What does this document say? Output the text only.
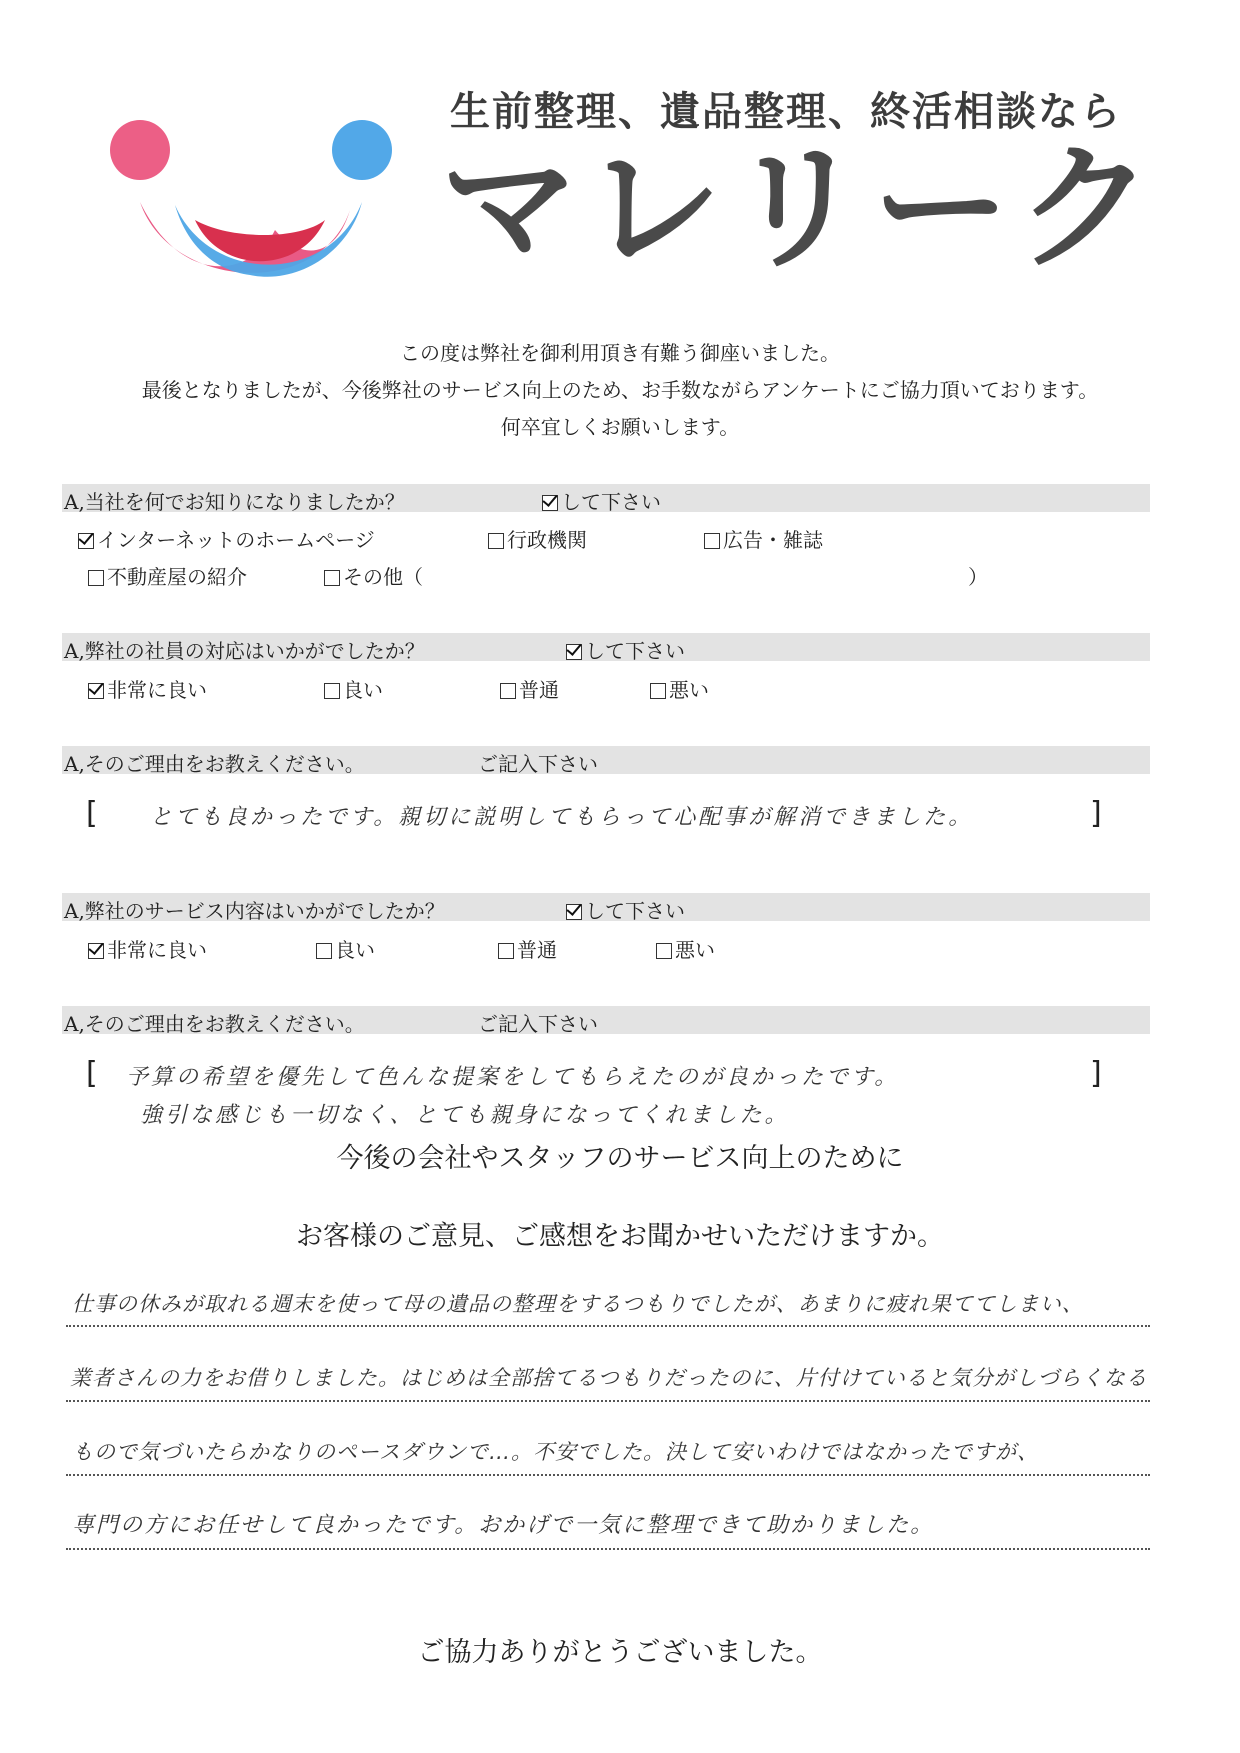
生前整理、遺品整理、終活相談なら
マレリーク
この度は弊社を御利用頂き有難う御座いました。
最後となりましたが、今後弊社のサービス向上のため、お手数ながらアンケートにご協力頂いております。
何卒宜しくお願いします。
A,当社を何でお知りになりましたか？	して下さい
インターネットのホームページ	行政機関	広告・雑誌
不動産屋の紹介	その他（	）
A,弊社の社員の対応はいかがでしたか？	して下さい
非常に良い	良い	普通	悪い
A,そのご理由をお教えください。	ご記入下さい
[	]
とても良かったです。親切に説明してもらって心配事が解消できました。
A,弊社のサービス内容はいかがでしたか？	して下さい
非常に良い	良い	普通	悪い
A,そのご理由をお教えください。	ご記入下さい
[	]
予算の希望を優先して色んな提案をしてもらえたのが良かったです。
強引な感じも一切なく、とても親身になってくれました。
今後の会社やスタッフのサービス向上のために
お客様のご意見、ご感想をお聞かせいただけますか。
仕事の休みが取れる週末を使って母の遺品の整理をするつもりでしたが、あまりに疲れ果ててしまい、
業者さんの力をお借りしました。はじめは全部捨てるつもりだったのに、片付けていると気分がしづらくなる
もので気づいたらかなりのペースダウンで…。不安でした。決して安いわけではなかったですが、
専門の方にお任せして良かったです。おかげで一気に整理できて助かりました。
ご協力ありがとうございました。
